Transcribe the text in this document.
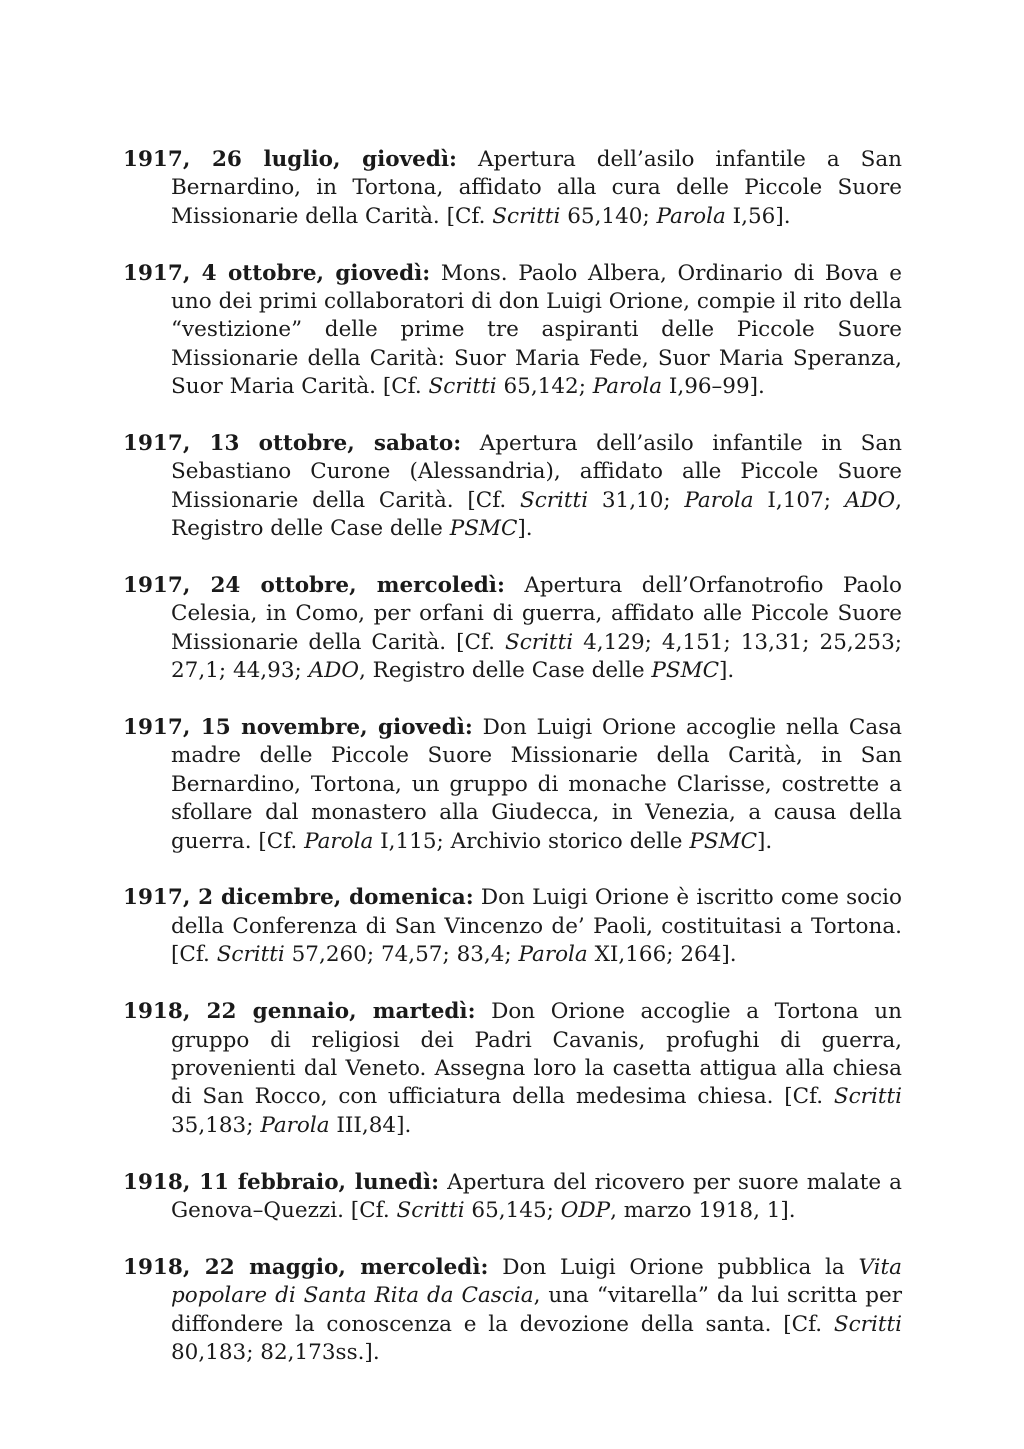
1917, 26 luglio, giovedì: Apertura dell’asilo infantile a San Bernardino, in Tortona, affidato alla cura delle Piccole Suore Missionarie della Carità. [Cf. Scritti 65,140; Parola I,56].

1917, 4 ottobre, giovedì: Mons. Paolo Albera, Ordinario di Bova e uno dei primi collaboratori di don Luigi Orione, compie il rito della “vestizione” delle prime tre aspiranti delle Piccole Suore Missionarie della Carità: Suor Maria Fede, Suor Maria Speranza, Suor Maria Carità. [Cf. Scritti 65,142; Parola I,96–99].

1917, 13 ottobre, sabato: Apertura dell’asilo infantile in San Sebastiano Curone (Alessandria), affidato alle Piccole Suore Missionarie della Carità. [Cf. Scritti 31,10; Parola I,107; ADO, Registro delle Case delle PSMC].

1917, 24 ottobre, mercoledì: Apertura dell’Orfanotrofio Paolo Celesia, in Como, per orfani di guerra, affidato alle Piccole Suore Missionarie della Carità. [Cf. Scritti 4,129; 4,151; 13,31; 25,253; 27,1; 44,93; ADO, Registro delle Case delle PSMC].

1917, 15 novembre, giovedì: Don Luigi Orione accoglie nella Casa madre delle Piccole Suore Missionarie della Carità, in San Bernardino, Tortona, un gruppo di monache Clarisse, costrette a sfollare dal monastero alla Giudecca, in Venezia, a causa della guerra. [Cf. Parola I,115; Archivio storico delle PSMC].

1917, 2 dicembre, domenica: Don Luigi Orione è iscritto come socio della Conferenza di San Vincenzo de’ Paoli, costituitasi a Tortona. [Cf. Scritti 57,260; 74,57; 83,4; Parola XI,166; 264].

1918, 22 gennaio, martedì: Don Orione accoglie a Tortona un gruppo di religiosi dei Padri Cavanis, profughi di guerra, provenienti dal Veneto. Assegna loro la casetta attigua alla chiesa di San Rocco, con ufficiatura della medesima chiesa. [Cf. Scritti 35,183; Parola III,84].

1918, 11 febbraio, lunedì: Apertura del ricovero per suore malate a Genova–Quezzi. [Cf. Scritti 65,145; ODP, marzo 1918, 1].

1918, 22 maggio, mercoledì: Don Luigi Orione pubblica la Vita popolare di Santa Rita da Cascia, una “vitarella” da lui scritta per diffondere la conoscenza e la devozione della santa. [Cf. Scritti 80,183; 82,173ss.].
